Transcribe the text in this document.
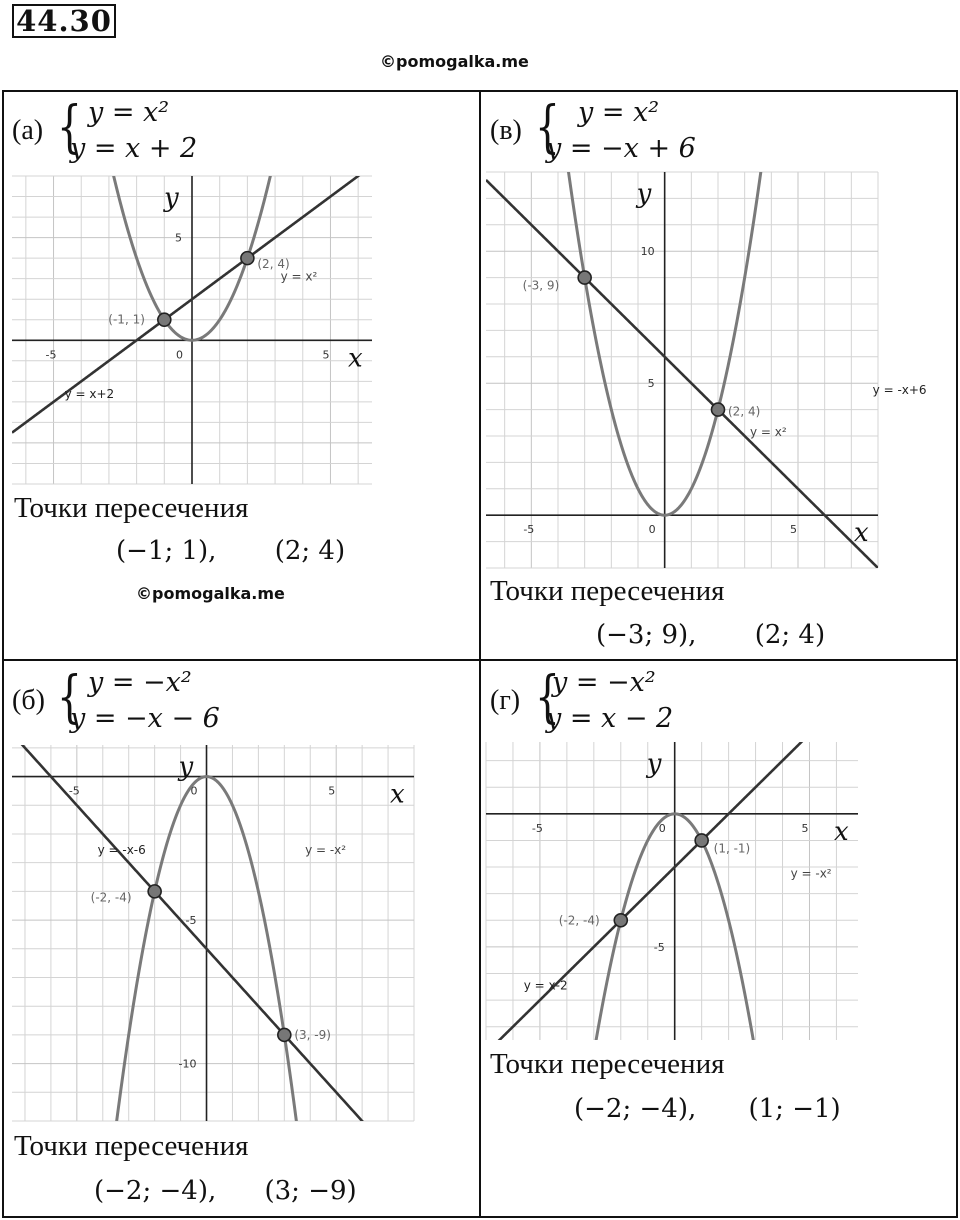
44.30
©pomogalka.me
(а) { y = x²
y = x + 2
-5	0	5
5
x
y
y = x+2
y = x²
(-1, 1)
(2, 4)
Точки пересечения
(−1; 1), (2; 4)
©pomogalka.me
(в) { y = x²
y = −x + 6
-5	0	5
10
5
x
y
y = -x+6
y = x²
(-3, 9)
(2, 4)
Точки пересечения
(−3; 9), (2; 4)
(б) { y = −x²
y = −x − 6
-5	0	5
-5
-10
x
y
y = -x-6	y = -x²
(-2, -4)
(3, -9)
Точки пересечения
(−2; −4), (3; −9)
(г) {
y = −x²
y = x − 2
-5	0	5
-5
x
y
y = x-2
y = -x²
(-2, -4)
(1, -1)
Точки пересечения
(−2; −4), (1; −1)
